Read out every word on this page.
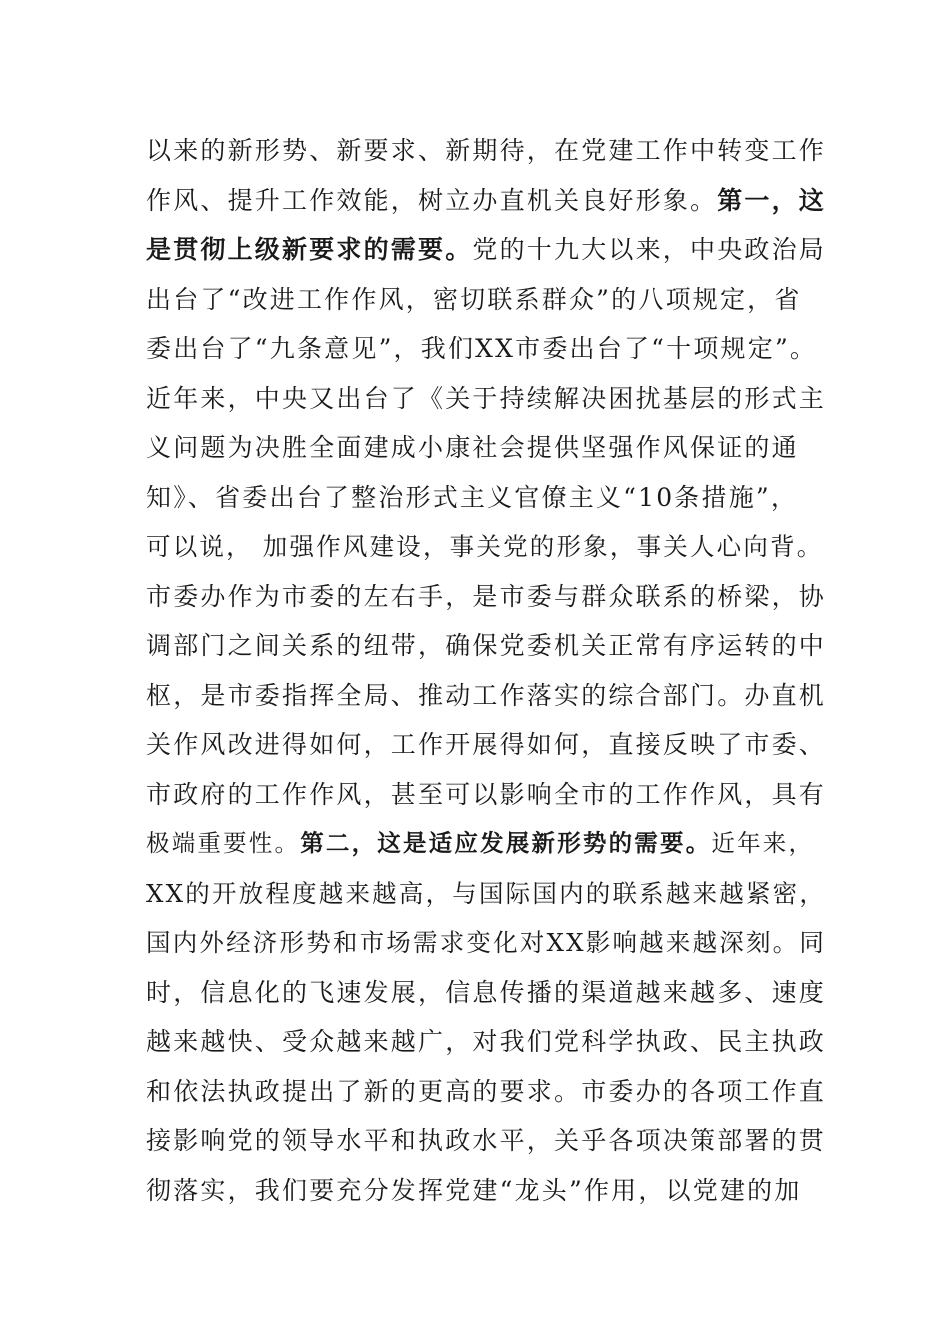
以来的新形势、新要求、新期待，在党建工作中转变工作
作风、提升工作效能，树立办直机关良好形象。第一，这
是贯彻上级新要求的需要。党的十九大以来，中央政治局
出台了“改进工作作风，密切联系群众”的八项规定，省
委出台了“九条意见”，我们XX市委出台了“十项规定”。
近年来，中央又出台了《关于持续解决困扰基层的形式主
义问题为决胜全面建成小康社会提供坚强作风保证的通
知》、省委出台了整治形式主义官僚主义“10条措施”，
可以说， 加强作风建设，事关党的形象，事关人心向背。
市委办作为市委的左右手，是市委与群众联系的桥梁，协
调部门之间关系的纽带，确保党委机关正常有序运转的中
枢，是市委指挥全局、推动工作落实的综合部门。办直机
关作风改进得如何，工作开展得如何，直接反映了市委、
市政府的工作作风，甚至可以影响全市的工作作风，具有
极端重要性。第二，这是适应发展新形势的需要。近年来，
XX的开放程度越来越高，与国际国内的联系越来越紧密，
国内外经济形势和市场需求变化对XX影响越来越深刻。同
时，信息化的飞速发展，信息传播的渠道越来越多、速度
越来越快、受众越来越广，对我们党科学执政、民主执政
和依法执政提出了新的更高的要求。市委办的各项工作直
接影响党的领导水平和执政水平，关乎各项决策部署的贯
彻落实，我们要充分发挥党建“龙头”作用，以党建的加
